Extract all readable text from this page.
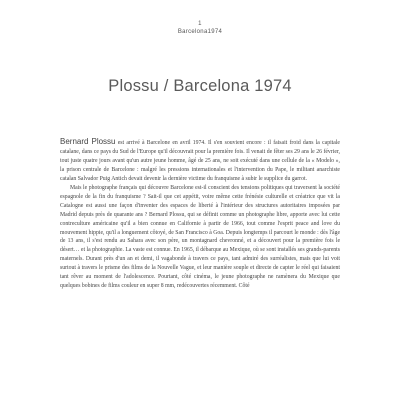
1
Barcelona1974
Plossu / Barcelona 1974

Bernard Plossu est arrivé à Barcelone en avril 1974. Il s'en souvient encore : il faisait froid dans la capitale catalane, dans ce pays du Sud de l'Europe qu'il découvrait pour la première fois. Il venait de fêter ses 29 ans le 26 février, tout juste quatre jours avant qu'un autre jeune homme, âgé de 25 ans, ne soit exécuté dans une cellule de la « Modelo », la prison centrale de Barcelone : malgré les pressions internationales et l'intervention du Pape, le militant anarchiste catalan Salvador Puig Antich devait devenir la dernière victime du franquisme à subir le supplice du garrot.

Mais le photographe français qui découvre Barcelone est-il conscient des tensions politiques qui traversent la société espagnole de la fin du franquisme ? Sait-il que cet appétit, voire même cette frénésie culturelle et créatrice que vit la Catalogne est aussi une façon d'inventer des espaces de liberté à l'intérieur des structures autoritaires imposées par Madrid depuis près de quarante ans ? Bernard Plossu, qui se définit comme un photographe libre, apporte avec lui cette contreculture américaine qu'il a bien connue en Californie à partir de 1966, tout comme l'esprit peace and love du mouvement hippie, qu'il a longuement côtoyé, de San Francisco à Goa. Depuis longtemps il parcourt le monde : dès l'âge de 13 ans, il s'est rendu au Sahara avec son père, un montagnard chevronné, et a découvert pour la première fois le désert… et la photographie. La vaste est connue. En 1965, il débarque au Mexique, où se sont installés ses grands-parents maternels. Durant près d'un an et demi, il vagabonde à travers ce pays, tant admiré des surréalistes, mais que lui voit surtout à travers le prisme des films de la Nouvelle Vague, et leur manière souple et directe de capter le réel qui faisaient tant rêver au moment de l'adolescence. Pourtant, côté cinéma, le jeune photographe ne ramènera du Mexique que quelques bobines de films couleur en super 8 mm, redécouvertes récemment. Côté
